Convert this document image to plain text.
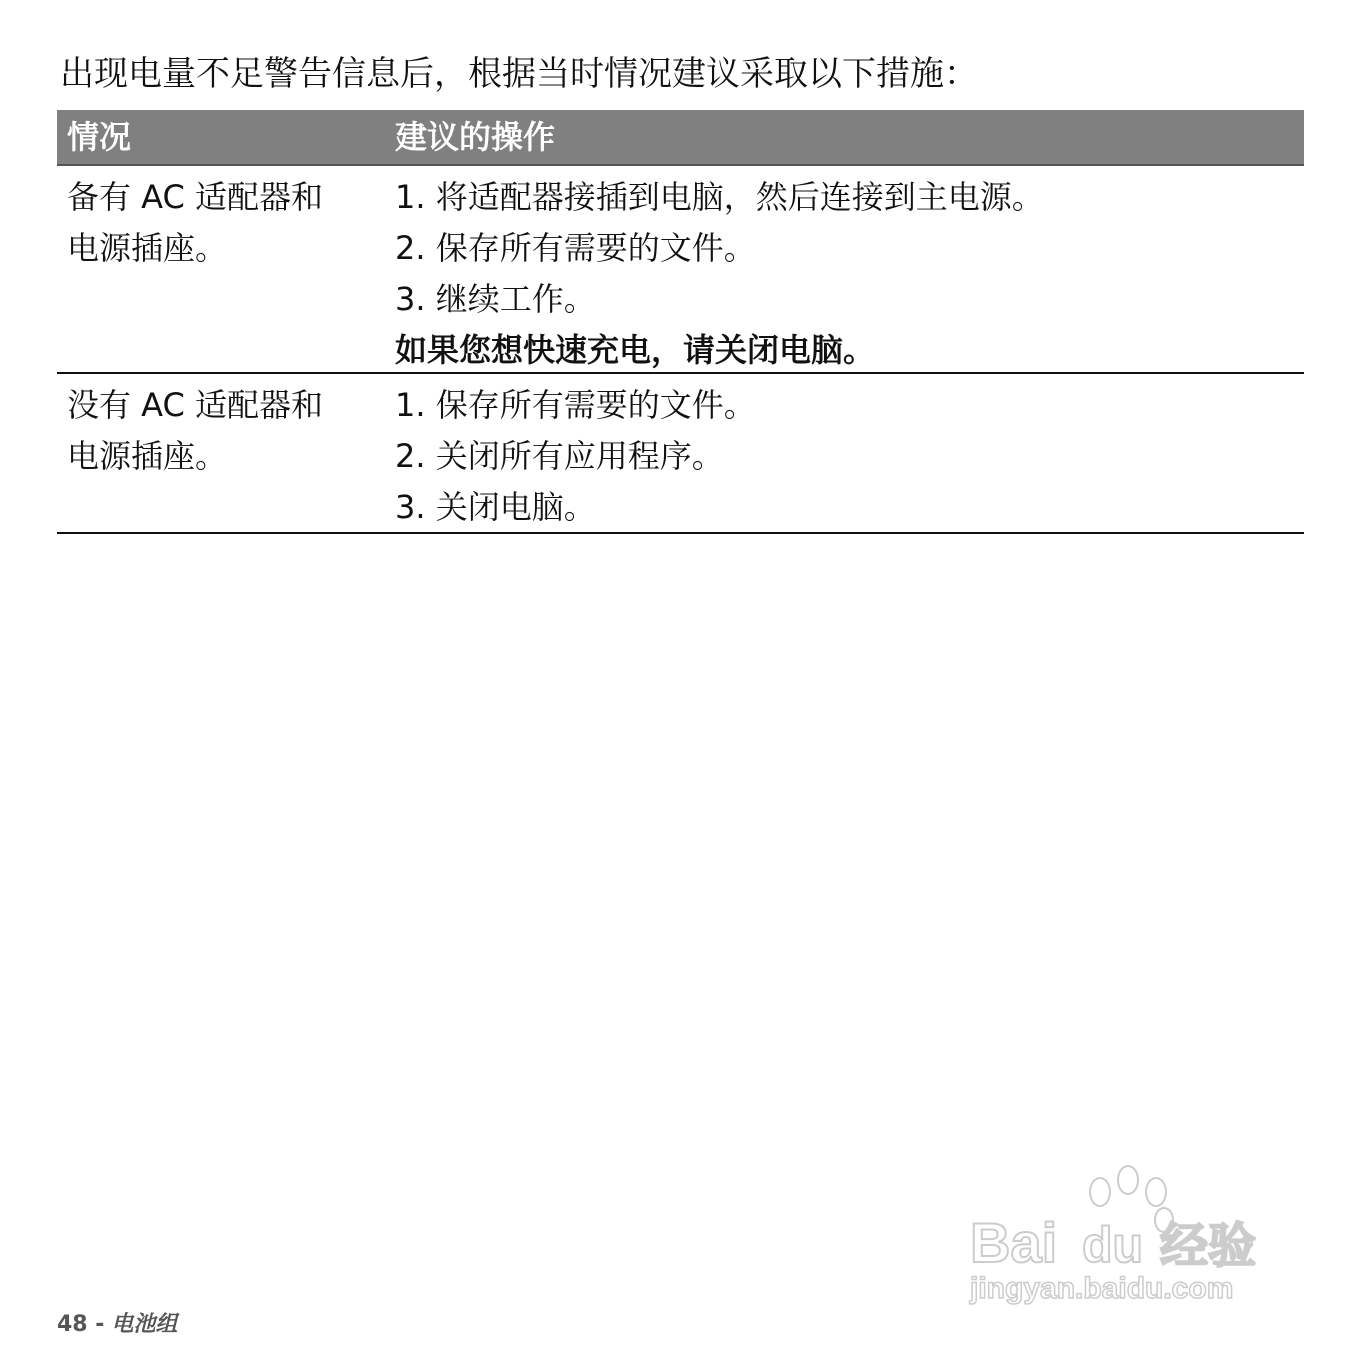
出现电量不足警告信息后，根据当时情况建议采取以下措施：
情况	建议的操作
备有 AC 适配器和
电源插座。
1. 将适配器接插到电脑，然后连接到主电源。
2. 保存所有需要的文件。
3. 继续工作。
如果您想快速充电，请关闭电脑。
没有 AC 适配器和
电源插座。
1. 保存所有需要的文件。
2. 关闭所有应用程序。
3. 关闭电脑。
48 - 电池组
Bai du 经验
jingyan.baidu.com
